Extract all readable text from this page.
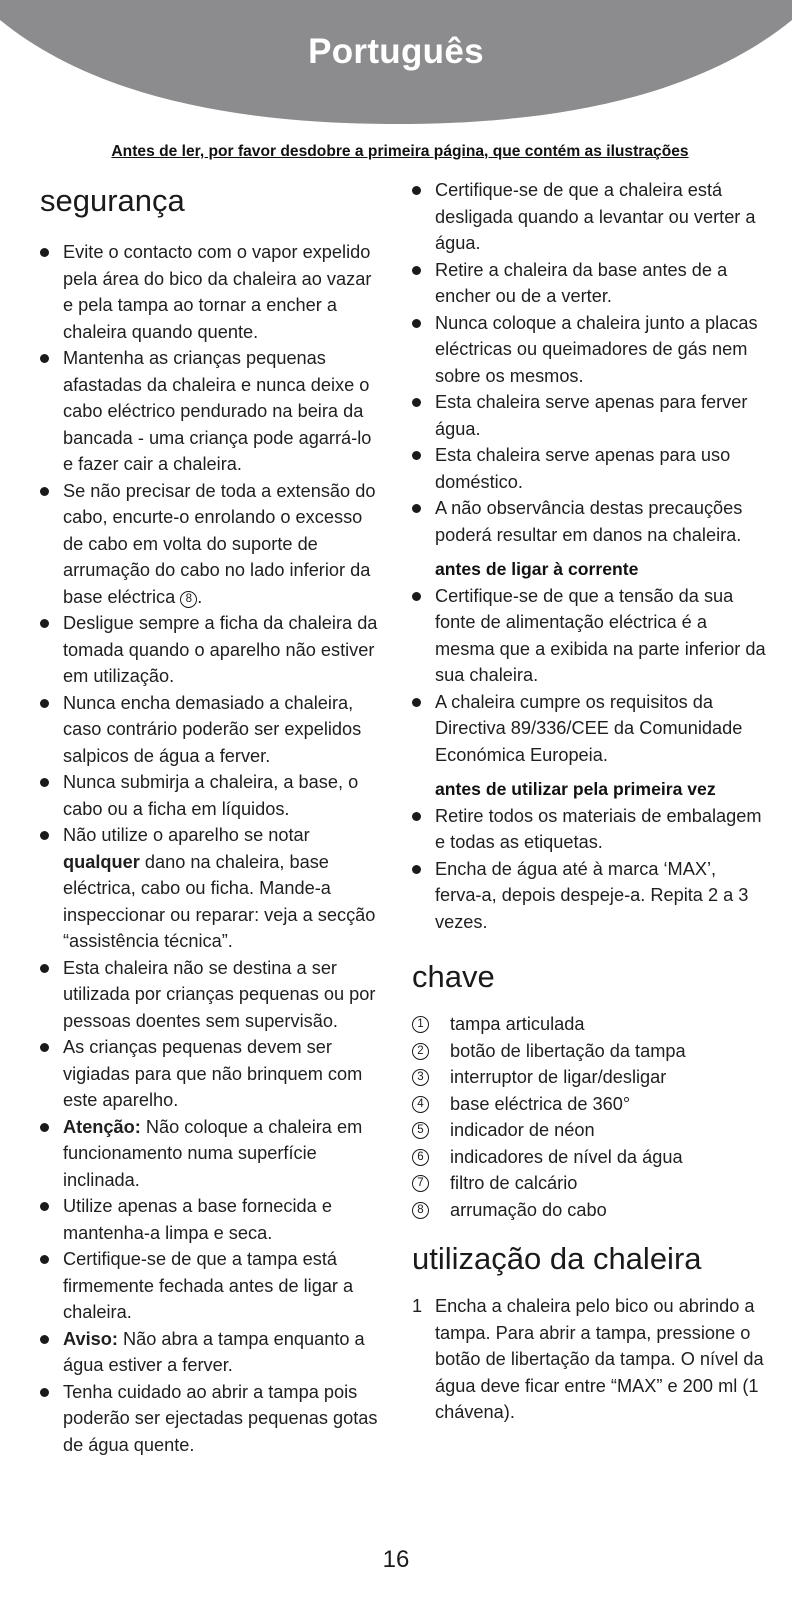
Português
Antes de ler, por favor desdobre a primeira página, que contém as ilustrações
segurança
Evite o contacto com o vapor expelido pela área do bico da chaleira ao vazar e pela tampa ao tornar a encher a chaleira quando quente.
Mantenha as crianças pequenas afastadas da chaleira e nunca deixe o cabo eléctrico pendurado na beira da bancada - uma criança pode agarrá-lo e fazer cair a chaleira.
Se não precisar de toda a extensão do cabo, encurte-o enrolando o excesso de cabo em volta do suporte de arrumação do cabo no lado inferior da base eléctrica 8 .
Desligue sempre a ficha da chaleira da tomada quando o aparelho não estiver em utilização.
Nunca encha demasiado a chaleira, caso contrário poderão ser expelidos salpicos de água a ferver.
Nunca submirja a chaleira, a base, o cabo ou a ficha em líquidos.
Não utilize o aparelho se notar qualquer dano na chaleira, base eléctrica, cabo ou ficha. Mande-a inspeccionar ou reparar: veja a secção “assistência técnica”.
Esta chaleira não se destina a ser utilizada por crianças pequenas ou por pessoas doentes sem supervisão.
As crianças pequenas devem ser vigiadas para que não brinquem com este aparelho.
Atenção: Não coloque a chaleira em funcionamento numa superfície inclinada.
Utilize apenas a base fornecida e mantenha-a limpa e seca.
Certifique-se de que a tampa está firmemente fechada antes de ligar a chaleira.
Aviso: Não abra a tampa enquanto a água estiver a ferver.
Tenha cuidado ao abrir a tampa pois poderão ser ejectadas pequenas gotas de água quente.
Certifique-se de que a chaleira está desligada quando a levantar ou verter a água.
Retire a chaleira da base antes de a encher ou de a verter.
Nunca coloque a chaleira junto a placas eléctricas ou queimadores de gás nem sobre os mesmos.
Esta chaleira serve apenas para ferver água.
Esta chaleira serve apenas para uso doméstico.
A não observância destas precauções poderá resultar em danos na chaleira.
antes de ligar à corrente
Certifique-se de que a tensão da sua fonte de alimentação eléctrica é a mesma que a exibida na parte inferior da sua chaleira.
A chaleira cumpre os requisitos da Directiva 89/336/CEE da Comunidade Económica Europeia.
antes de utilizar pela primeira vez
Retire todos os materiais de embalagem e todas as etiquetas.
Encha de água até à marca ‘MAX’, ferva-a, depois despeje-a. Repita 2 a 3 vezes.
chave
1 tampa articulada
2 botão de libertação da tampa
3 interruptor de ligar/desligar
4 base eléctrica de 360°
5 indicador de néon
6 indicadores de nível da água
7 filtro de calcário
8 arrumação do cabo
utilização da chaleira
1 Encha a chaleira pelo bico ou abrindo a tampa. Para abrir a tampa, pressione o botão de libertação da tampa. O nível da água deve ficar entre “MAX” e 200 ml (1 chávena).
16
